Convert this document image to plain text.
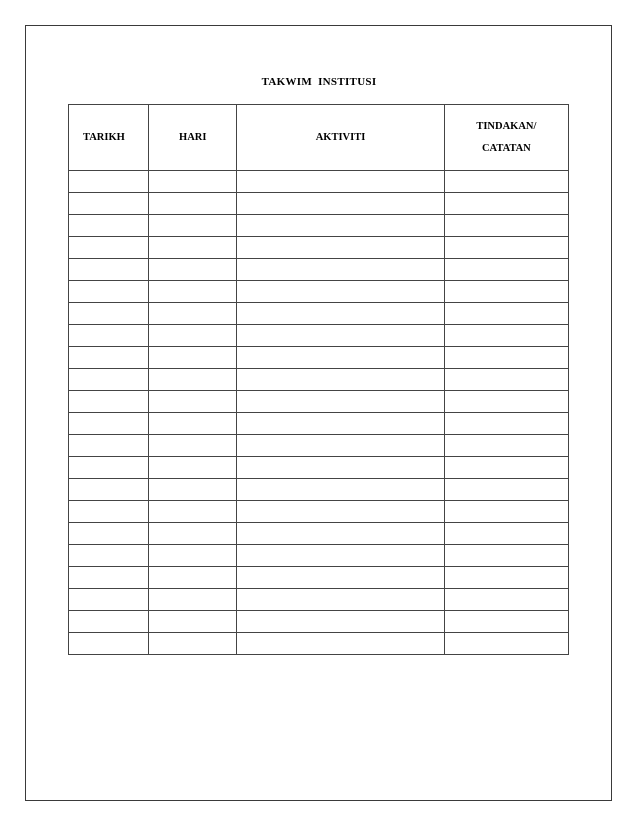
TAKWIM INSTITUSI
TARIKH	HARI	AKTIVITI	TINDAKAN/
CATATAN
